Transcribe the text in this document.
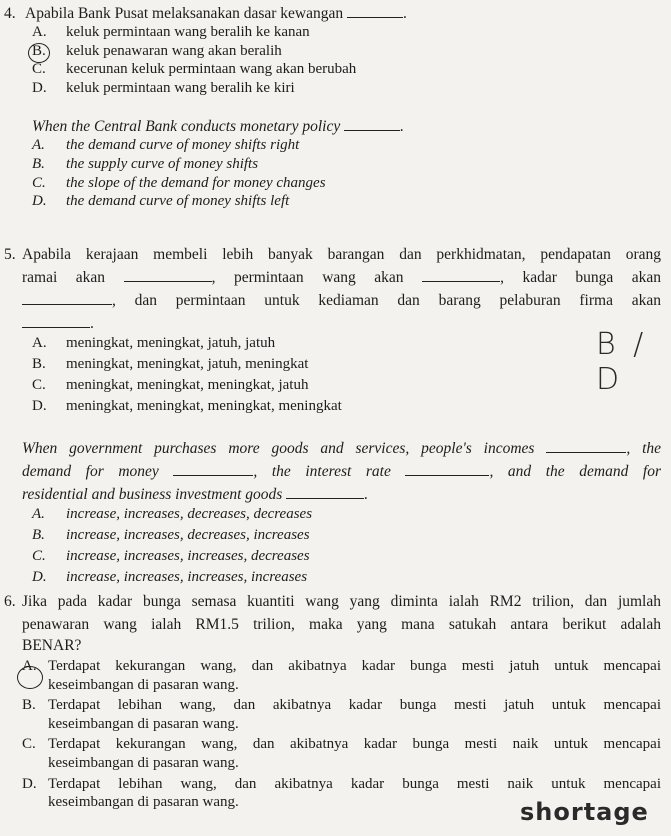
4. Apabila Bank Pusat melaksanakan dasar kewangan	.

A.	keluk permintaan wang beralih ke kanan
B.	keluk penawaran wang akan beralih
C.	kecerunan keluk permintaan wang akan berubah
D.	keluk permintaan wang beralih ke kiri

When the Central Bank conducts monetary policy	.

A.	the demand curve of money shifts right
B.	the supply curve of money shifts
C.	the slope of the demand for money changes
D.	the demand curve of money shifts left

5. Apabila kerajaan membeli lebih banyak barangan dan perkhidmatan, pendapatan orang

ramai akan	, permintaan wang akan	, kadar bunga akan

, dan permintaan untuk kediaman dan barang pelaburan firma akan

.

A.	meningkat, meningkat, jatuh, jatuh
B.	meningkat, meningkat, jatuh, meningkat
C.	meningkat, meningkat, meningkat, jatuh
D.	meningkat, meningkat, meningkat, meningkat

When government purchases more goods and services, people's incomes	, the

demand for money	, the interest rate	, and the demand for

residential and business investment goods	.

A.	increase, increases, decreases, decreases
B.	increase, increases, decreases, increases
C.	increase, increases, increases, decreases
D.	increase, increases, increases, increases
B / D

6. Jika pada kadar bunga semasa kuantiti wang yang diminta ialah RM2 trilion, dan jumlah

penawaran wang ialah RM1.5 trilion, maka yang mana satukah antara berikut adalah

BENAR?

A. Terdapat kekurangan wang, dan akibatnya kadar bunga mesti jatuh untuk mencapai
keseimbangan di pasaran wang.
B. Terdapat lebihan wang, dan akibatnya kadar bunga mesti jatuh untuk mencapai
keseimbangan di pasaran wang.
C. Terdapat kekurangan wang, dan akibatnya kadar bunga mesti naik untuk mencapai
keseimbangan di pasaran wang.
D. Terdapat lebihan wang, dan akibatnya kadar bunga mesti naik untuk mencapai
keseimbangan di pasaran wang.	shortage
